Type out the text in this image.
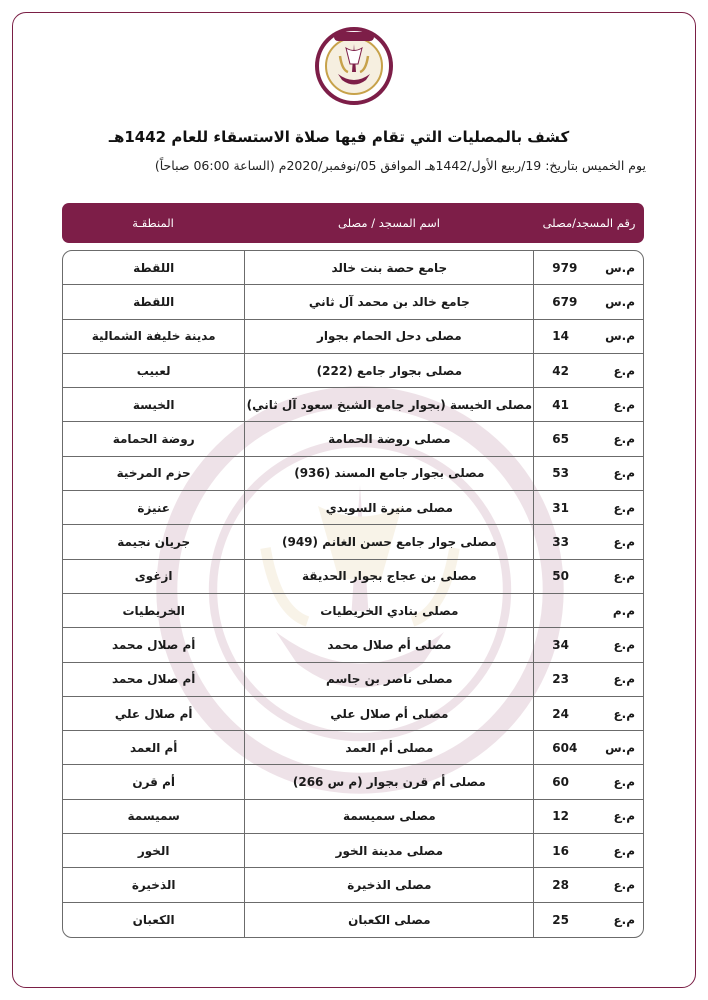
كشف بالمصليات التي تقام فيها صلاة الاستسقاء للعام 1442هـ
يوم الخميس بتاريخ: 19/ربيع الأول/1442هـ الموافق 05/نوفمبر/2020م (الساعة 06:00 صباحاً)
رقم المسجد/مصلى
اسم المسجد / مصلى
المنطقـة
م.س
979
جامع حصة بنت خالد
اللقطة
م.س
679
جامع خالد بن محمد آل ثاني
اللقطة
م.س
14
مصلى دحل الحمام بجوار
مدينة خليفة الشمالية
م.ع
42
مصلى بجوار جامع (222)
لعبيب
م.ع
41
مصلى الخيسة (بجوار جامع الشيخ سعود آل ثاني)
الخيسة
م.ع
65
مصلى روضة الحمامة
روضة الحمامة
م.ع
53
مصلى بجوار جامع المسند (936)
حزم المرخية
م.ع
31
مصلى منيرة السويدي
عنيزة
م.ع
33
مصلى جوار جامع حسن الغانم (949)
جريان نجيمة
م.ع
50
مصلى بن عجاج بجوار الحديقة
ازغوى
م.م
مصلى بنادي الخريطيات
الخريطيات
م.ع
34
مصلى أم صلال محمد
أم صلال محمد
م.ع
23
مصلى ناصر بن جاسم
أم صلال محمد
م.ع
24
مصلى أم صلال علي
أم صلال علي
م.س
604
مصلى أم العمد
أم العمد
م.ع
60
مصلى أم قرن بجوار (م س 266)
أم قرن
م.ع
12
مصلى سميسمة
سميسمة
م.ع
16
مصلى مدينة الخور
الخور
م.ع
28
مصلى الذخيرة
الذخيرة
م.ع
25
مصلى الكعبان
الكعبان
